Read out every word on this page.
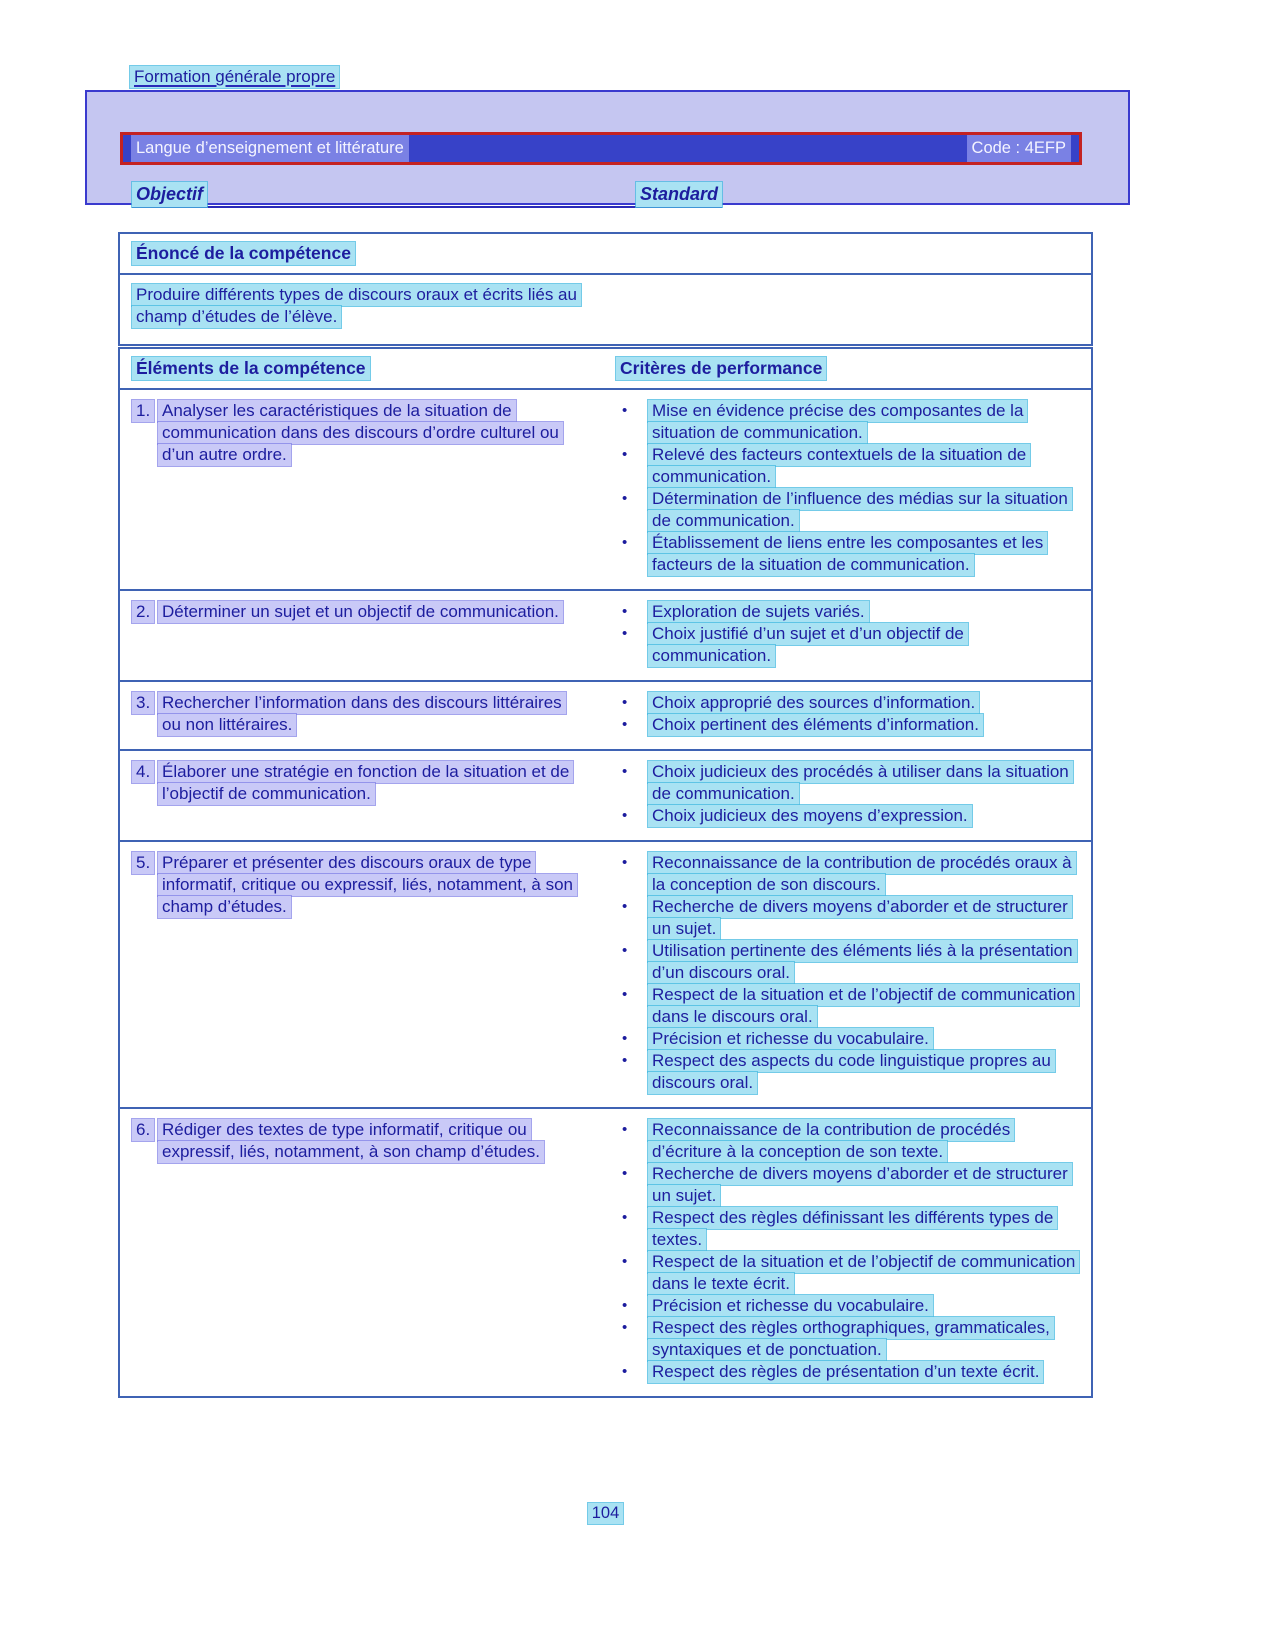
Formation générale propre
Langue d’enseignement et littérature	Code : 4EFP
Objectif	Standard
Énoncé de la compétence
Produire différents types de discours oraux et écrits liés au champ d’études de l’élève.
Éléments de la compétence	Critères de performance
1. Analyser les caractéristiques de la situation de communication dans des discours d’ordre culturel ou d’un autre ordre.
•	Mise en évidence précise des composantes de la situation de communication.
•	Relevé des facteurs contextuels de la situation de communication.
•	Détermination de l’influence des médias sur la situation de communication.
•	Établissement de liens entre les composantes et les facteurs de la situation de communication.
2. Déterminer un sujet et un objectif de communication.	•	Exploration de sujets variés.
•	Choix justifié d’un sujet et d’un objectif de communication.
3. Rechercher l’information dans des discours littéraires ou non littéraires.
•	Choix approprié des sources d’information.
•	Choix pertinent des éléments d’information.
4. Élaborer une stratégie en fonction de la situation et de l’objectif de communication.
•	Choix judicieux des procédés à utiliser dans la situation de communication.
•	Choix judicieux des moyens d’expression.
5. Préparer et présenter des discours oraux de type informatif, critique ou expressif, liés, notamment, à son champ d’études.
•	Reconnaissance de la contribution de procédés oraux à la conception de son discours.
•	Recherche de divers moyens d’aborder et de structurer un sujet.
•	Utilisation pertinente des éléments liés à la présentation d’un discours oral.
•	Respect de la situation et de l’objectif de communication dans le discours oral.
•	Précision et richesse du vocabulaire.
•	Respect des aspects du code linguistique propres au discours oral.
6. Rédiger des textes de type informatif, critique ou expressif, liés, notamment, à son champ d’études.
•	Reconnaissance de la contribution de procédés d’écriture à la conception de son texte.
•	Recherche de divers moyens d’aborder et de structurer un sujet.
•	Respect des règles définissant les différents types de textes.
•	Respect de la situation et de l’objectif de communication dans le texte écrit.
•	Précision et richesse du vocabulaire.
•	Respect des règles orthographiques, grammaticales, syntaxiques et de ponctuation.
•	Respect des règles de présentation d’un texte écrit.
104
